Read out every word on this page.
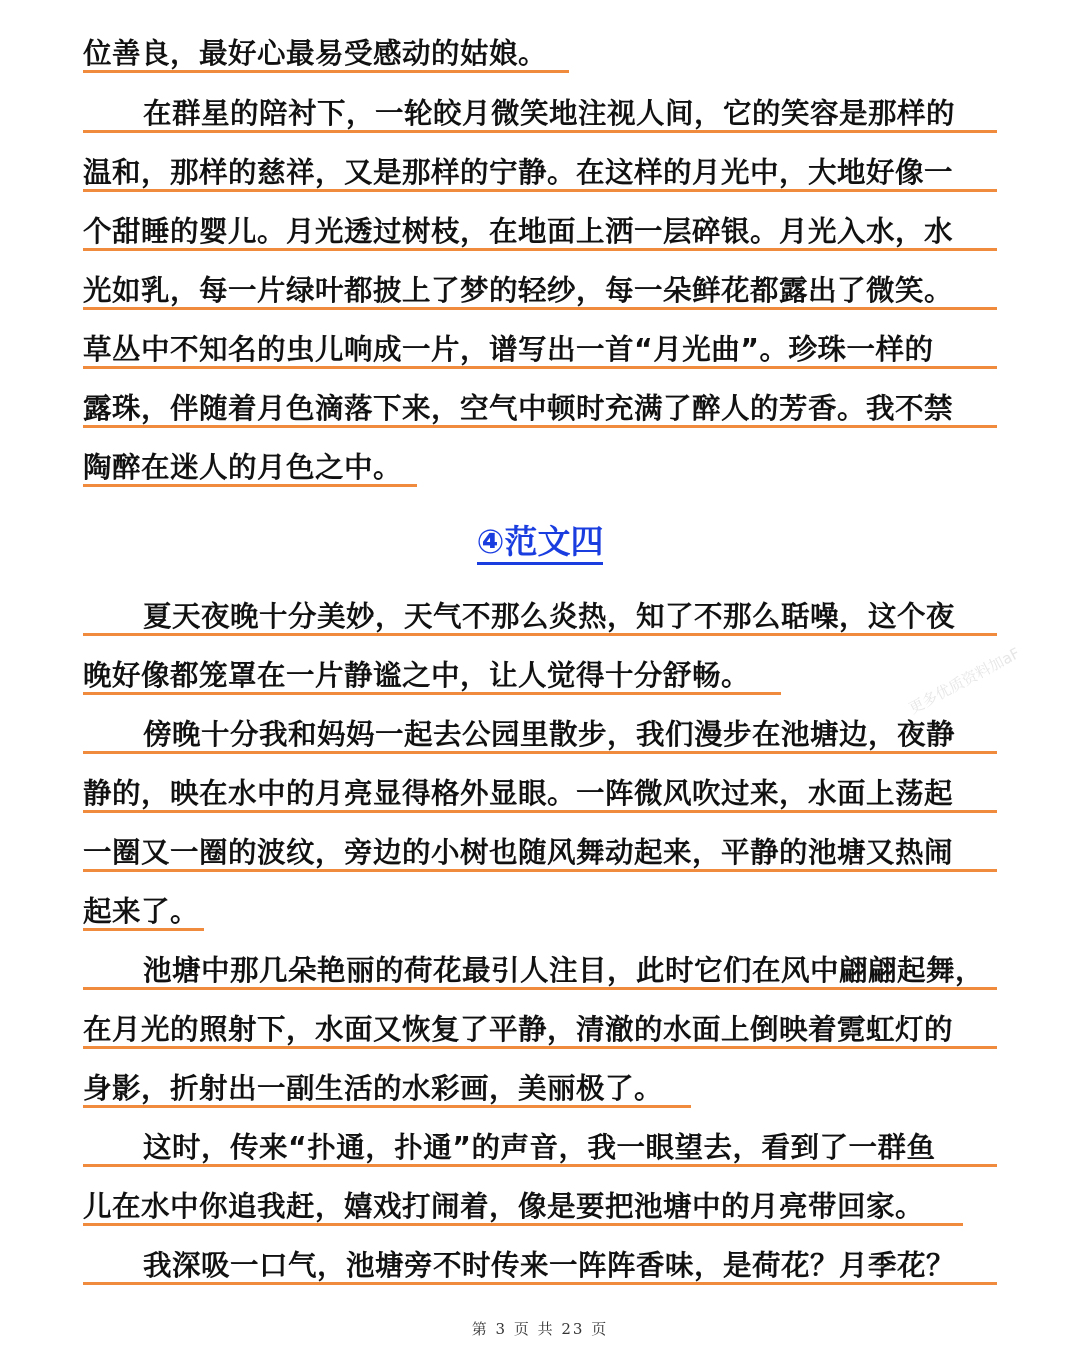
位善良，最好心最易受感动的姑娘。
在群星的陪衬下，一轮皎月微笑地注视人间，它的笑容是那样的
温和，那样的慈祥，又是那样的宁静。在这样的月光中，大地好像一
个甜睡的婴儿。月光透过树枝，在地面上洒一层碎银。月光入水，水
光如乳，每一片绿叶都披上了梦的轻纱，每一朵鲜花都露出了微笑。
草丛中不知名的虫儿响成一片，谱写出一首“月光曲”。珍珠一样的
露珠，伴随着月色滴落下来，空气中顿时充满了醉人的芳香。我不禁
陶醉在迷人的月色之中。
④范文四
夏天夜晚十分美妙，天气不那么炎热，知了不那么聒噪，这个夜
晚好像都笼罩在一片静谧之中，让人觉得十分舒畅。
傍晚十分我和妈妈一起去公园里散步，我们漫步在池塘边，夜静
静的，映在水中的月亮显得格外显眼。一阵微风吹过来，水面上荡起
一圈又一圈的波纹，旁边的小树也随风舞动起来，平静的池塘又热闹
起来了。
池塘中那几朵艳丽的荷花最引人注目，此时它们在风中翩翩起舞，
在月光的照射下，水面又恢复了平静，清澈的水面上倒映着霓虹灯的
身影，折射出一副生活的水彩画，美丽极了。
这时，传来“扑通，扑通”的声音，我一眼望去，看到了一群鱼
儿在水中你追我赶，嬉戏打闹着，像是要把池塘中的月亮带回家。
我深吸一口气，池塘旁不时传来一阵阵香味，是荷花？月季花？
更多优质资料加aF
第 3 页 共 23 页
